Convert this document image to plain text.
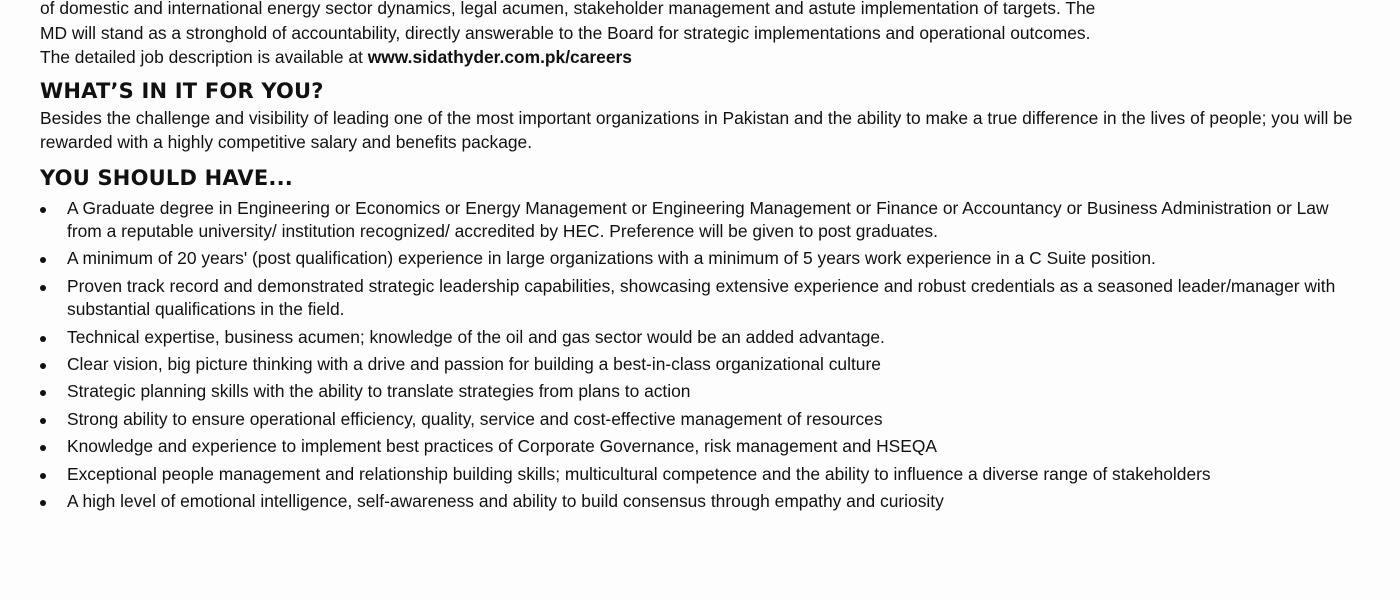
of domestic and international energy sector dynamics, legal acumen, stakeholder management and astute implementation of targets. The
MD will stand as a stronghold of accountability, directly answerable to the Board for strategic implementations and operational outcomes.
The detailed job description is available at www.sidathyder.com.pk/careers

WHAT’S IN IT FOR YOU?

Besides the challenge and visibility of leading one of the most important organizations in Pakistan and the ability to make a true difference in the lives of people; you will be rewarded with a highly competitive salary and benefits package.

YOU SHOULD HAVE...
A Graduate degree in Engineering or Economics or Energy Management or Engineering Management or Finance or Accountancy or Business Administration or Law from a reputable university/ institution recognized/ accredited by HEC. Preference will be given to post graduates.
A minimum of 20 years' (post qualification) experience in large organizations with a minimum of 5 years work experience in a C Suite position.
Proven track record and demonstrated strategic leadership capabilities, showcasing extensive experience and robust credentials as a seasoned leader/manager with substantial qualifications in the field.
Technical expertise, business acumen; knowledge of the oil and gas sector would be an added advantage.
Clear vision, big picture thinking with a drive and passion for building a best-in-class organizational culture
Strategic planning skills with the ability to translate strategies from plans to action
Strong ability to ensure operational efficiency, quality, service and cost-effective management of resources
Knowledge and experience to implement best practices of Corporate Governance, risk management and HSEQA
Exceptional people management and relationship building skills; multicultural competence and the ability to influence a diverse range of stakeholders
A high level of emotional intelligence, self-awareness and ability to build consensus through empathy and curiosity
